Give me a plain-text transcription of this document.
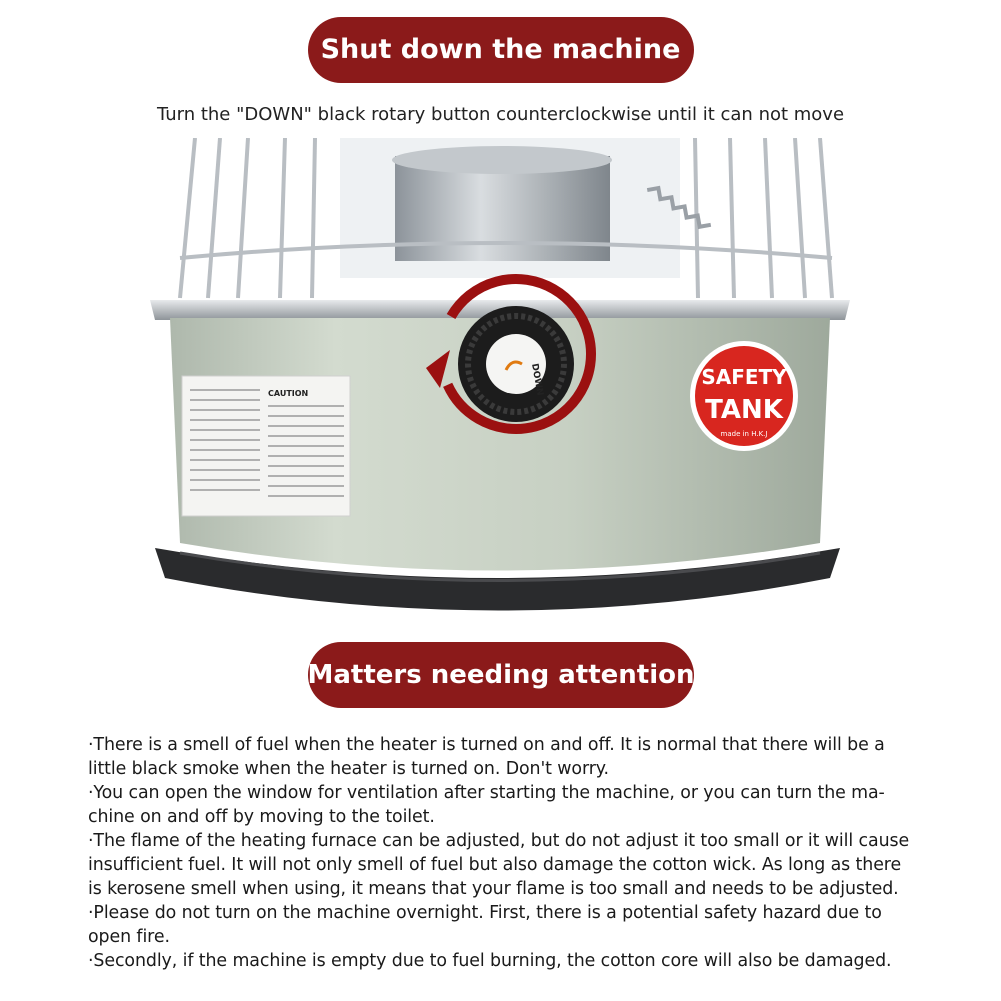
Shut down the machine
Turn the "DOWN" black rotary button counterclockwise until it can not move
CAUTION	DOWN	SAFETY
TANK
made in H.K.J
Matters needing attention

·There is a smell of fuel when the heater is turned on and off. It is normal that there will be a
little black smoke when the heater is turned on. Don't worry.

·You can open the window for ventilation after starting the machine, or you can turn the ma-
chine on and off by moving to the toilet.

·The flame of the heating furnace can be adjusted, but do not adjust it too small or it will cause
insufficient fuel. It will not only smell of fuel but also damage the cotton wick. As long as there
is kerosene smell when using, it means that your flame is too small and needs to be adjusted.

·Please do not turn on the machine overnight. First, there is a potential safety hazard due to
open fire.

·Secondly, if the machine is empty due to fuel burning, the cotton core will also be damaged.
